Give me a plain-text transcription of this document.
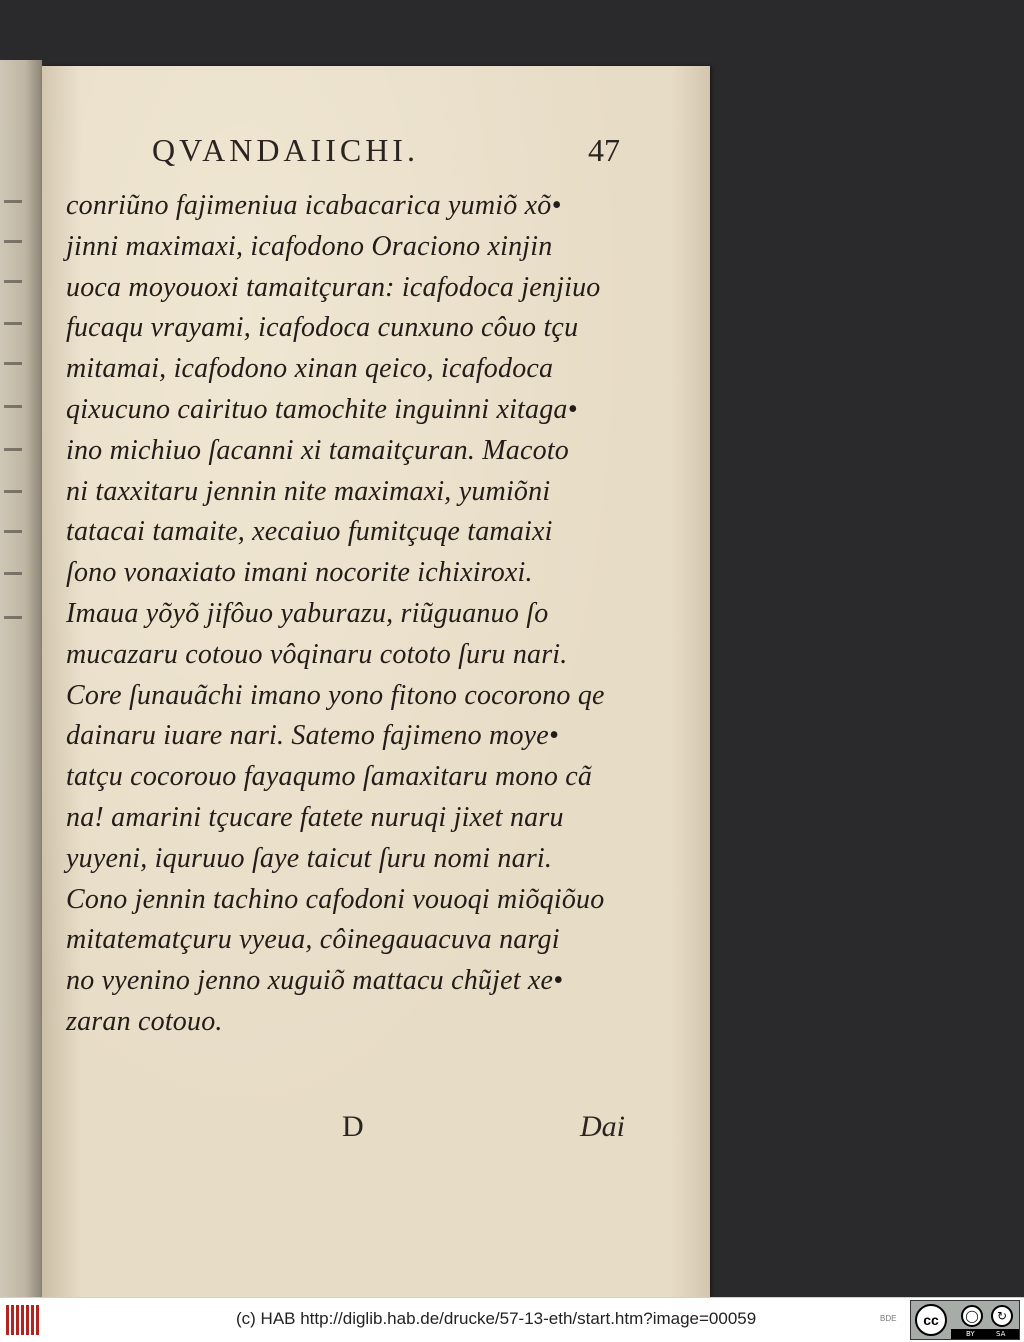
QVANDAIICHI.	47
conriũno fajimeniua icabacarica yumiõ xõ•
jinni maximaxi, icafodono Oraciono xinjin
uoca moyouoxi tamaitçuran: icafodoca jenjiuo
fucaqu vrayami, icafodoca cunxuno côuo tçu
mitamai, icafodono xinan qeico, icafodoca
qixucuno cairituo tamochite inguinni xitaga•
ino michiuo ſacanni xi tamaitçuran. Macoto
ni taxxitaru jennin nite maximaxi, yumiõni
tatacai tamaite, xecaiuo fumitçuqe tamaixi
ſono vonaxiato imani nocorite ichixiroxi.
Imaua yõyõ jifôuo yaburazu, riũguanuo ſo
mucazaru cotouo vôqinaru cototo ſuru nari.
Core ſunauãchi imano yono fitono cocorono qe
dainaru iuare nari. Satemo fajimeno moye•
tatçu cocorouo fayaqumo ſamaxitaru mono cã
na! amarini tçucare fatete nuruqi jixet naru
yuyeni, iquruuo ſaye taicut ſuru nomi nari.
Cono jennin tachino cafodoni vouoqi miõqiõuo
mitatematçuru vyeua, côinegauacuva nargi
no vyenino jenno xuguiõ mattacu chũjet xe•
zaran cotouo.
D	Dai
(c) HAB http://diglib.hab.de/drucke/57-13-eth/start.htm?image=00059	BDE	cc	◯	↻
BY	SA
